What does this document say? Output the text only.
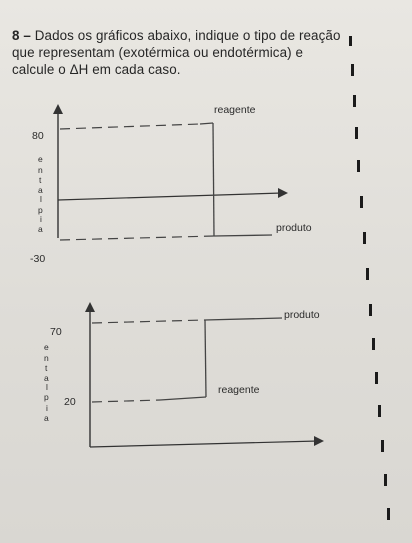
8 – Dados os gráficos abaixo, indique o tipo de reação que representam (exotérmica ou endotérmica) e calcule o ΔH em cada caso.

80
-30
reagente
produto
e
n
t
a
l
p
i
a
70
20
produto
reagente
e
n
t
a
l
p
i
a
